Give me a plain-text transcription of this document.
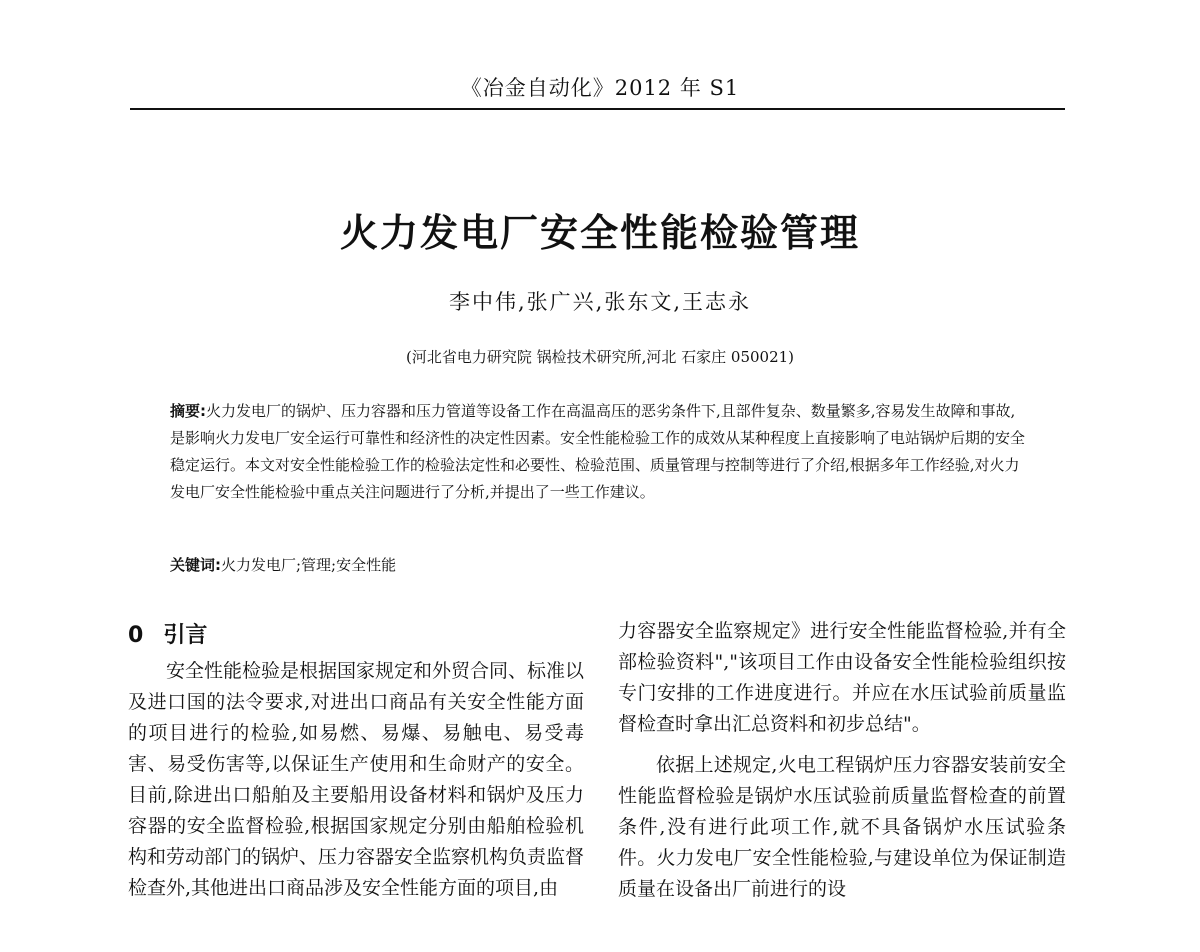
《冶金自动化》2012 年 S1
火力发电厂安全性能检验管理
李中伟,张广兴,张东文,王志永
(河北省电力研究院 锅检技术研究所,河北 石家庄 050021)
摘要:火力发电厂的锅炉、压力容器和压力管道等设备工作在高温高压的恶劣条件下,且部件复杂、数量繁多,容易发生故障和事故,是影响火力发电厂安全运行可靠性和经济性的决定性因素。安全性能检验工作的成效从某种程度上直接影响了电站锅炉后期的安全稳定运行。本文对安全性能检验工作的检验法定性和必要性、检验范围、质量管理与控制等进行了介绍,根据多年工作经验,对火力发电厂安全性能检验中重点关注问题进行了分析,并提出了一些工作建议。
关键词:火力发电厂;管理;安全性能
0 引言

安全性能检验是根据国家规定和外贸合同、标准以及进口国的法令要求,对进出口商品有关安全性能方面的项目进行的检验,如易燃、易爆、易触电、易受毒害、易受伤害等,以保证生产使用和生命财产的安全。目前,除进出口船舶及主要船用设备材料和锅炉及压力容器的安全监督检验,根据国家规定分别由船舶检验机构和劳动部门的锅炉、压力容器安全监察机构负责监督检查外,其他进出口商品涉及安全性能方面的项目,由

力容器安全监察规定》进行安全性能监督检验,并有全部检验资料","该项目工作由设备安全性能检验组织按专门安排的工作进度进行。并应在水压试验前质量监督检查时拿出汇总资料和初步总结"。

依据上述规定,火电工程锅炉压力容器安装前安全性能监督检验是锅炉水压试验前质量监督检查的前置条件,没有进行此项工作,就不具备锅炉水压试验条件。火力发电厂安全性能检验,与建设单位为保证制造质量在设备出厂前进行的设
